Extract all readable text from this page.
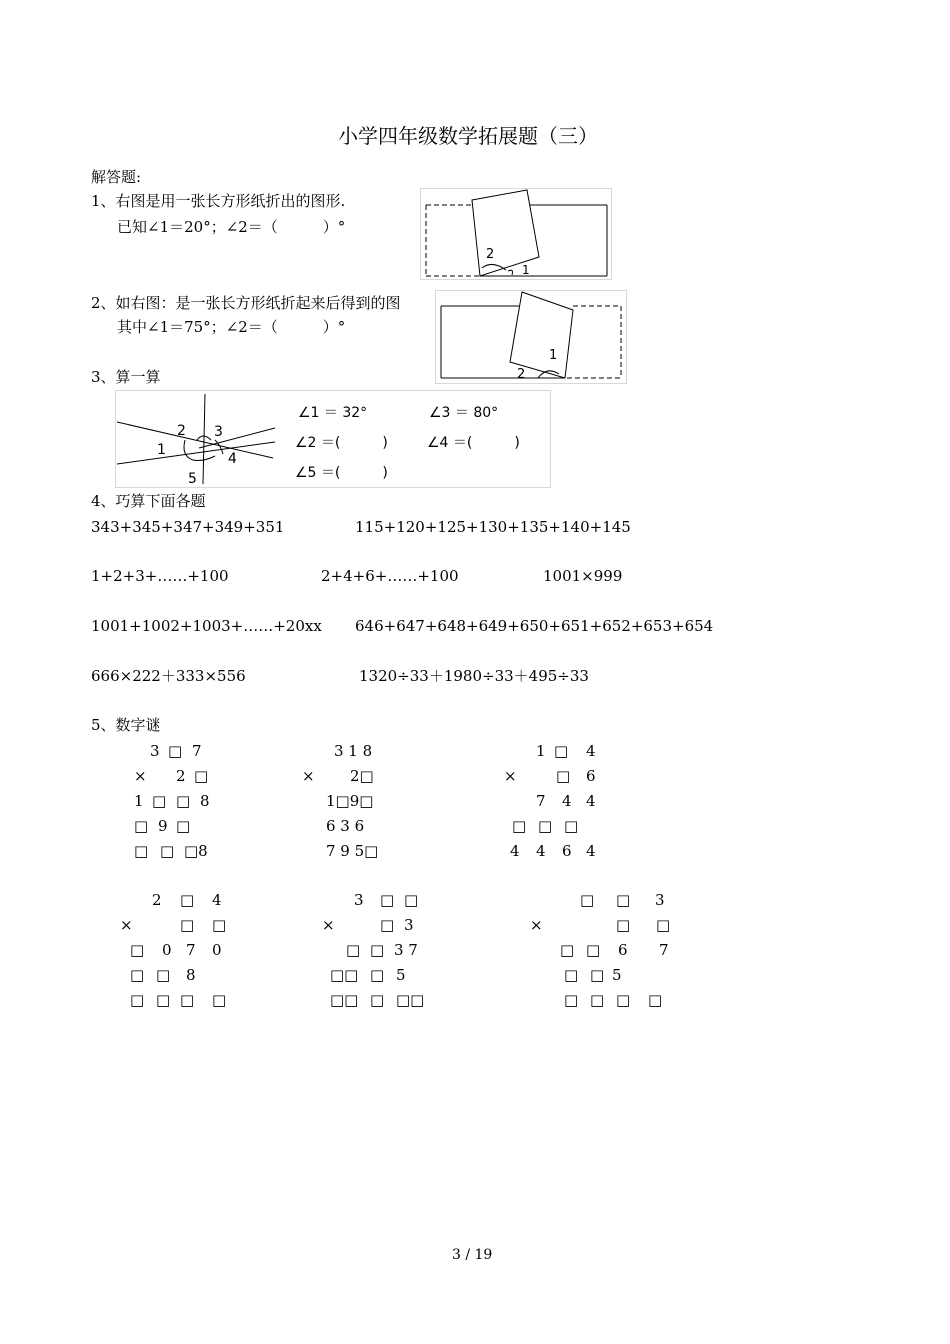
小学四年级数学拓展题（三）
解答题:
1、右图是用一张长方形纸折出的图形.
已知∠1＝20°；∠2＝（　　　）°
2
1
2、如右图：是一张长方形纸折起来后得到的图
其中∠1＝75°；∠2＝（　　　）°
1
2
3、算一算
2 3
1
4
5
∠1 ＝ 32°	∠3 ＝ 80°
∠2 ＝(　　　)	∠4 ＝(　　　)
∠5 ＝(　　　)
4、巧算下面各题
343+345+347+349+351	115+120+125+130+135+140+145
1+2+3+……+100	2+4+6+……+100	1001×999
1001+1002+1003+……+20xx 646+647+648+649+650+651+652+653+654
666×222＋333×556	1320÷33＋1980÷33＋495÷33
5、数字谜
3 □ 7
× 2 □
1 □ □ 8
□ 9 □
□ □ □8
3 1 8
× 2□
1□9□
6 3 6
7 9 5□
1 □ 4
×	□ 6
7 4 4
□ □ □
4 4 6 4
2 □ 4
×	□ □
□ 0 7 0
□ □ 8
□ □ □ □
3 □ □
×	□ 3
□ □ 3 7
□□ □ 5
□□ □ □□
□ □ 3
×	□ □
□ □ 6 7
□ □ 5
□ □ □ □
3 / 19
